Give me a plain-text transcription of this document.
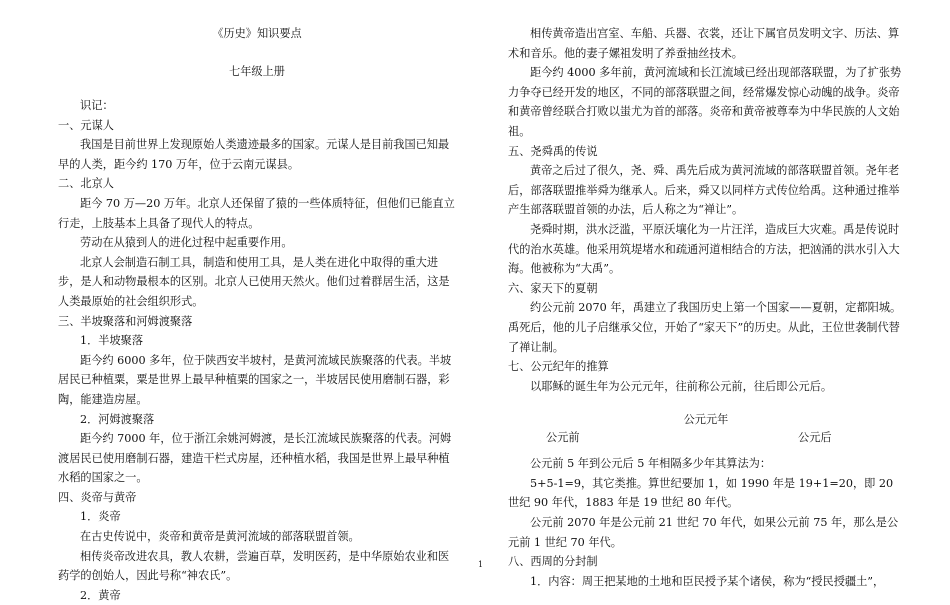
《历史》知识要点
七年级上册

识记：

一、元谋人

我国是目前世界上发现原始人类遗迹最多的国家。元谋人是目前我国已知最早的人类，距今约 170 万年，位于云南元谋县。

二、北京人

距今 70 万—20 万年。北京人还保留了猿的一些体质特征，但他们已能直立行走，上肢基本上具备了现代人的特点。

劳动在从猿到人的进化过程中起重要作用。

北京人会制造石制工具，制造和使用工具，是人类在进化中取得的重大进步，是人和动物最根本的区别。北京人已使用天然火。他们过着群居生活，这是人类最原始的社会组织形式。

三、半坡聚落和河姆渡聚落

1．半坡聚落

距今约 6000 多年，位于陕西安半坡村，是黄河流域民族聚落的代表。半坡居民已种植粟，粟是世界上最早种植粟的国家之一，半坡居民使用磨制石器，彩陶，能建造房屋。

2．河姆渡聚落

距今约 7000 年，位于浙江余姚河姆渡，是长江流域民族聚落的代表。河姆渡居民已使用磨制石器，建造干栏式房屋，还种植水稻，我国是世界上最早种植水稻的国家之一。

四、炎帝与黄帝

1．炎帝

在古史传说中，炎帝和黄帝是黄河流域的部落联盟首领。

相传炎帝改进农具，教人农耕，尝遍百草，发明医药，是中华原始农业和医药学的创始人，因此号称“神农氏”。

2．黄帝

相传黄帝造出宫室、车船、兵器、衣裳，还让下属官员发明文字、历法、算术和音乐。他的妻子嫘祖发明了养蚕抽丝技术。

距今约 4000 多年前，黄河流域和长江流域已经出现部落联盟，为了扩张势力争夺已经开发的地区，不同的部落联盟之间，经常爆发惊心动魄的战争。炎帝和黄帝曾经联合打败以蚩尤为首的部落。炎帝和黄帝被尊奉为中华民族的人文始祖。

五、尧舜禹的传说

黄帝之后过了很久，尧、舜、禹先后成为黄河流域的部落联盟首领。尧年老后，部落联盟推举舜为继承人。后来，舜又以同样方式传位给禹。这种通过推举产生部落联盟首领的办法，后人称之为“禅让”。

尧舜时期，洪水泛滥，平原沃壤化为一片汪洋，造成巨大灾难。禹是传说时代的治水英雄。他采用筑堤堵水和疏通河道相结合的方法，把汹涌的洪水引入大海。他被称为“大禹”。

六、家天下的夏朝

约公元前 2070 年，禹建立了我国历史上第一个国家——夏朝，定都阳城。禹死后，他的儿子启继承父位，开始了“家天下”的历史。从此，王位世袭制代替了禅让制。

七、公元纪年的推算

以耶稣的诞生年为公元元年，往前称公元前，往后即公元后。

公元元年
公元前	公元后

公元前 5 年到公元后 5 年相隔多少年其算法为：

5+5-1=9，其它类推。算世纪要加 1，如 1990 年是 19+1=20，即 20 世纪 90 年代，1883 年是 19 世纪 80 年代。

公元前 2070 年是公元前 21 世纪 70 年代，如果公元前 75 年，那么是公元前 1 世纪 70 年代。

八、西周的分封制

1．内容：周王把某地的土地和臣民授予某个诸侯，称为“授民授疆土”，

1
